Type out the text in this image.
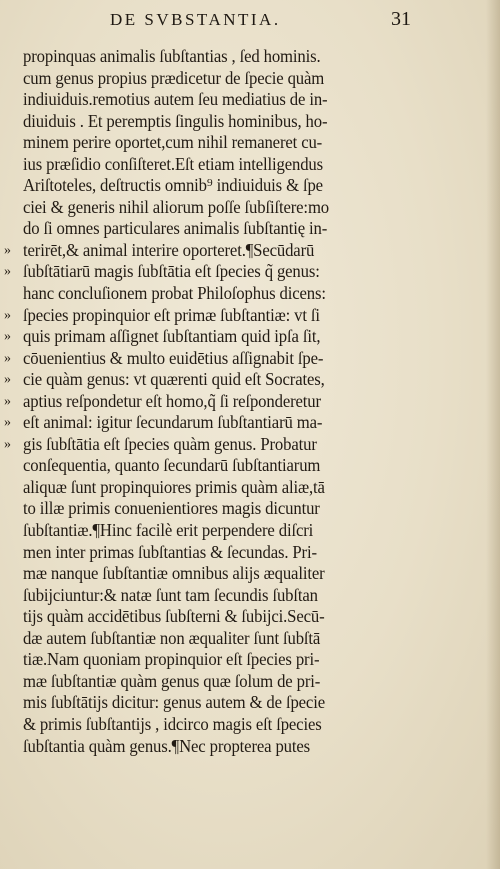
DE SVBSTANTIA.	31
propinquas animalis ſubſtantias , ſed hominis.
cum genus propius prædicetur de ſpecie quàm
indiuiduis.remotius autem ſeu mediatius de in-
diuiduis . Et peremptis ſingulis hominibus, ho-
minem perire oportet,cum nihil remaneret cu-
ius præſidio conſiſteret.Eſt etiam intelligendus
Ariſtoteles, deſtructis omnib⁹ indiuiduis & ſpe
ciei & generis nihil aliorum poſſe ſubſiſtere:mo
do ſi omnes particulares animalis ſubſtantię in-
» terirēt,& animal interire oporteret.¶Secūdarū
» ſubſtātiarū magis ſubſtātia eſt ſpecies q̃ genus:
hanc concluſionem probat Philoſophus dicens:
» ſpecies propinquior eſt primæ ſubſtantiæ: vt ſi
» quis primam aſſignet ſubſtantiam quid ipſa ſit,
» cōuenientius & multo euidētius aſſignabit ſpe-
» cie quàm genus: vt quærenti quid eſt Socrates,
» aptius reſpondetur eſt homo,q̃ ſi reſponderetur
» eſt animal: igitur ſecundarum ſubſtantiarū ma-
» gis ſubſtātia eſt ſpecies quàm genus. Probatur
conſequentia, quanto ſecundarū ſubſtantiarum
aliquæ ſunt propinquiores primis quàm aliæ,tā
to illæ primis conuenientiores magis dicuntur
ſubſtantiæ.¶Hinc facilè erit perpendere diſcri
men inter primas ſubſtantias & ſecundas. Pri-
mæ nanque ſubſtantiæ omnibus alijs æqualiter
ſubijciuntur:& natæ ſunt tam ſecundis ſubſtan
tijs quàm accidētibus ſubſterni & ſubijci.Secū-
dæ autem ſubſtantiæ non æqualiter ſunt ſubſtā
tiæ.Nam quoniam propinquior eſt ſpecies pri-
mæ ſubſtantiæ quàm genus quæ ſolum de pri-
mis ſubſtātijs dicitur: genus autem & de ſpecie
& primis ſubſtantijs , idcirco magis eſt ſpecies
ſubſtantia quàm genus.¶Nec propterea putes
